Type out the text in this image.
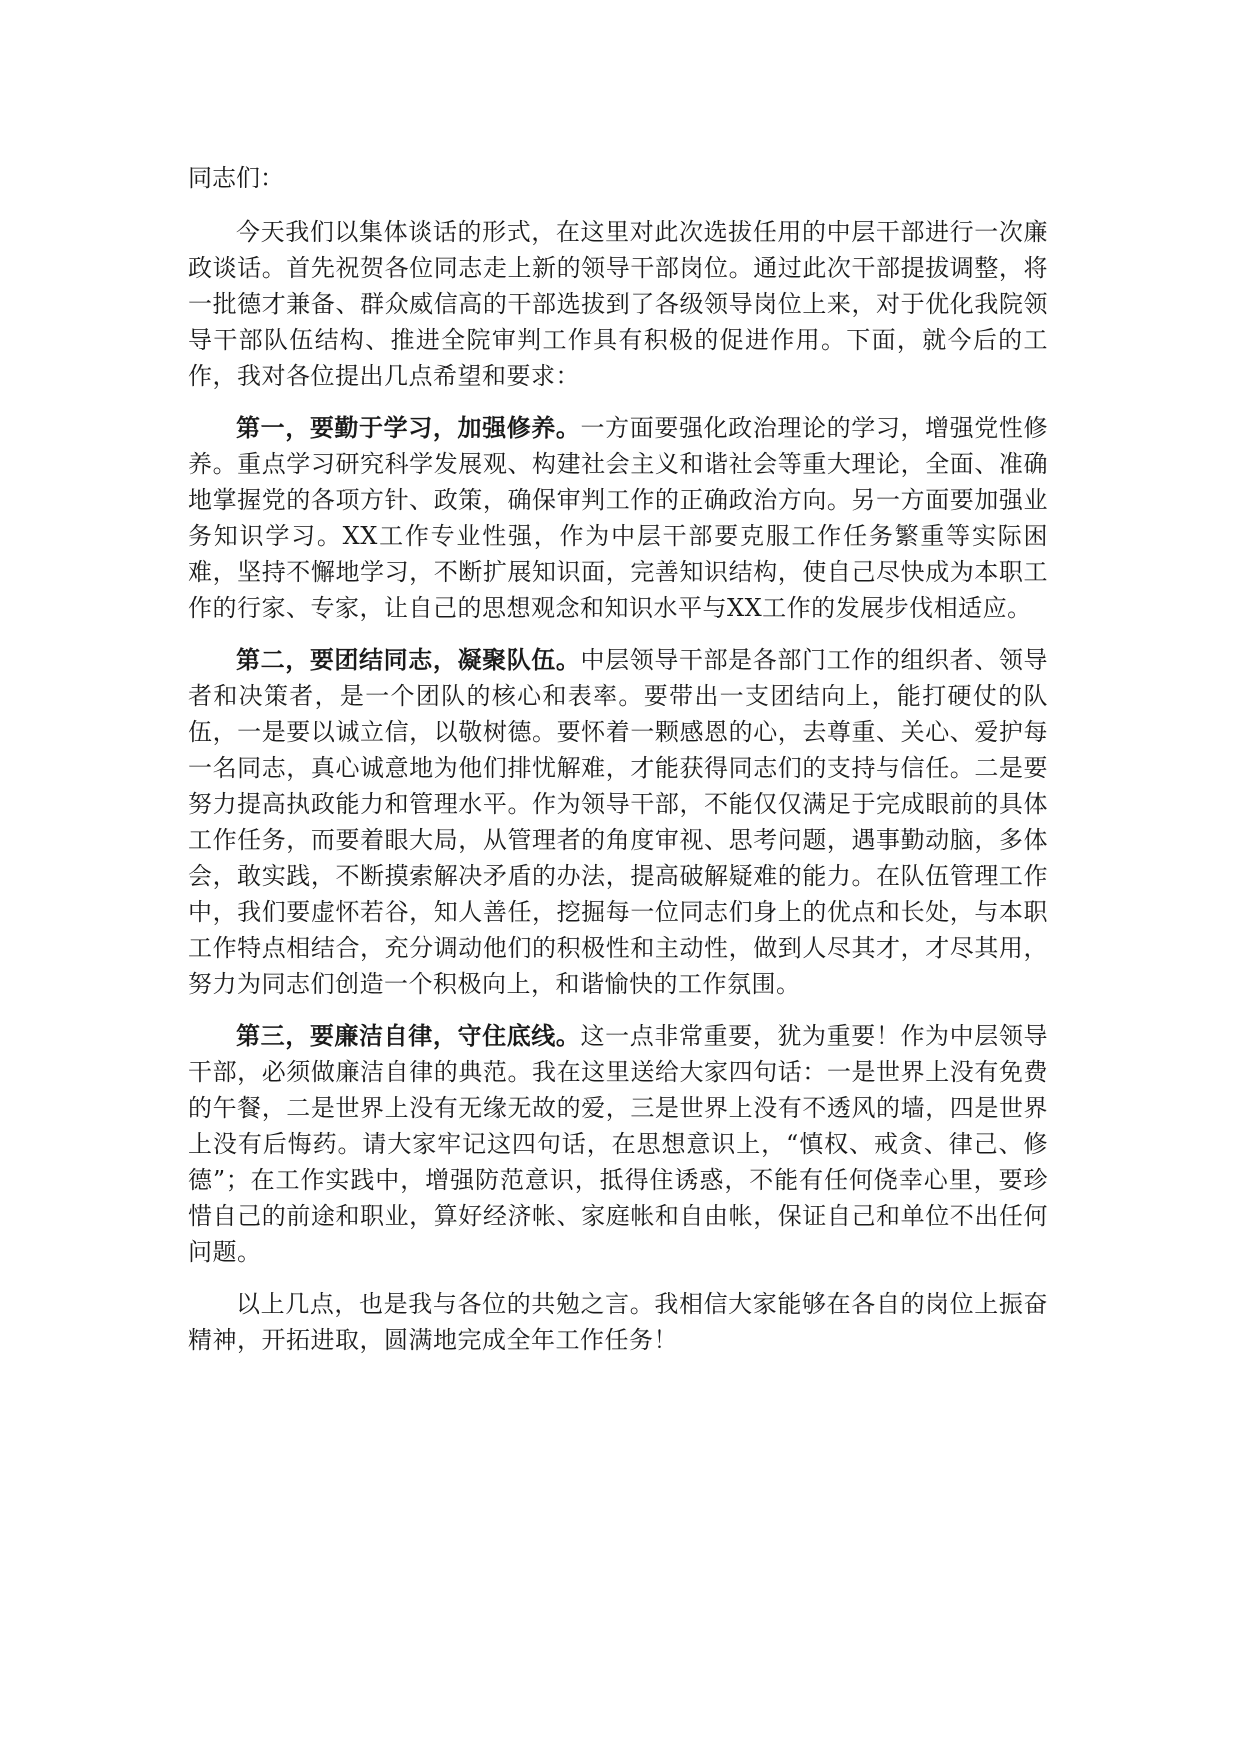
同志们：

今天我们以集体谈话的形式，在这里对此次选拔任用的中层干部进行一次廉政谈话。首先祝贺各位同志走上新的领导干部岗位。通过此次干部提拔调整，将一批德才兼备、群众威信高的干部选拔到了各级领导岗位上来，对于优化我院领导干部队伍结构、推进全院审判工作具有积极的促进作用。下面，就今后的工作，我对各位提出几点希望和要求：

第一，要勤于学习，加强修养。一方面要强化政治理论的学习，增强党性修养。重点学习研究科学发展观、构建社会主义和谐社会等重大理论，全面、准确地掌握党的各项方针、政策，确保审判工作的正确政治方向。另一方面要加强业务知识学习。XX工作专业性强，作为中层干部要克服工作任务繁重等实际困难，坚持不懈地学习，不断扩展知识面，完善知识结构，使自己尽快成为本职工作的行家、专家，让自己的思想观念和知识水平与XX工作的发展步伐相适应。

第二，要团结同志，凝聚队伍。中层领导干部是各部门工作的组织者、领导者和决策者，是一个团队的核心和表率。要带出一支团结向上，能打硬仗的队伍，一是要以诚立信，以敬树德。要怀着一颗感恩的心，去尊重、关心、爱护每一名同志，真心诚意地为他们排忧解难，才能获得同志们的支持与信任。二是要努力提高执政能力和管理水平。作为领导干部，不能仅仅满足于完成眼前的具体工作任务，而要着眼大局，从管理者的角度审视、思考问题，遇事勤动脑，多体会，敢实践，不断摸索解决矛盾的办法，提高破解疑难的能力。在队伍管理工作中，我们要虚怀若谷，知人善任，挖掘每一位同志们身上的优点和长处，与本职工作特点相结合，充分调动他们的积极性和主动性，做到人尽其才，才尽其用，努力为同志们创造一个积极向上，和谐愉快的工作氛围。

第三，要廉洁自律，守住底线。这一点非常重要，犹为重要！作为中层领导干部，必须做廉洁自律的典范。我在这里送给大家四句话：一是世界上没有免费的午餐，二是世界上没有无缘无故的爱，三是世界上没有不透风的墙，四是世界上没有后悔药。请大家牢记这四句话，在思想意识上，“慎权、戒贪、律己、修德”；在工作实践中，增强防范意识，抵得住诱惑，不能有任何侥幸心里，要珍惜自己的前途和职业，算好经济帐、家庭帐和自由帐，保证自己和单位不出任何问题。

以上几点，也是我与各位的共勉之言。我相信大家能够在各自的岗位上振奋精神，开拓进取，圆满地完成全年工作任务！
